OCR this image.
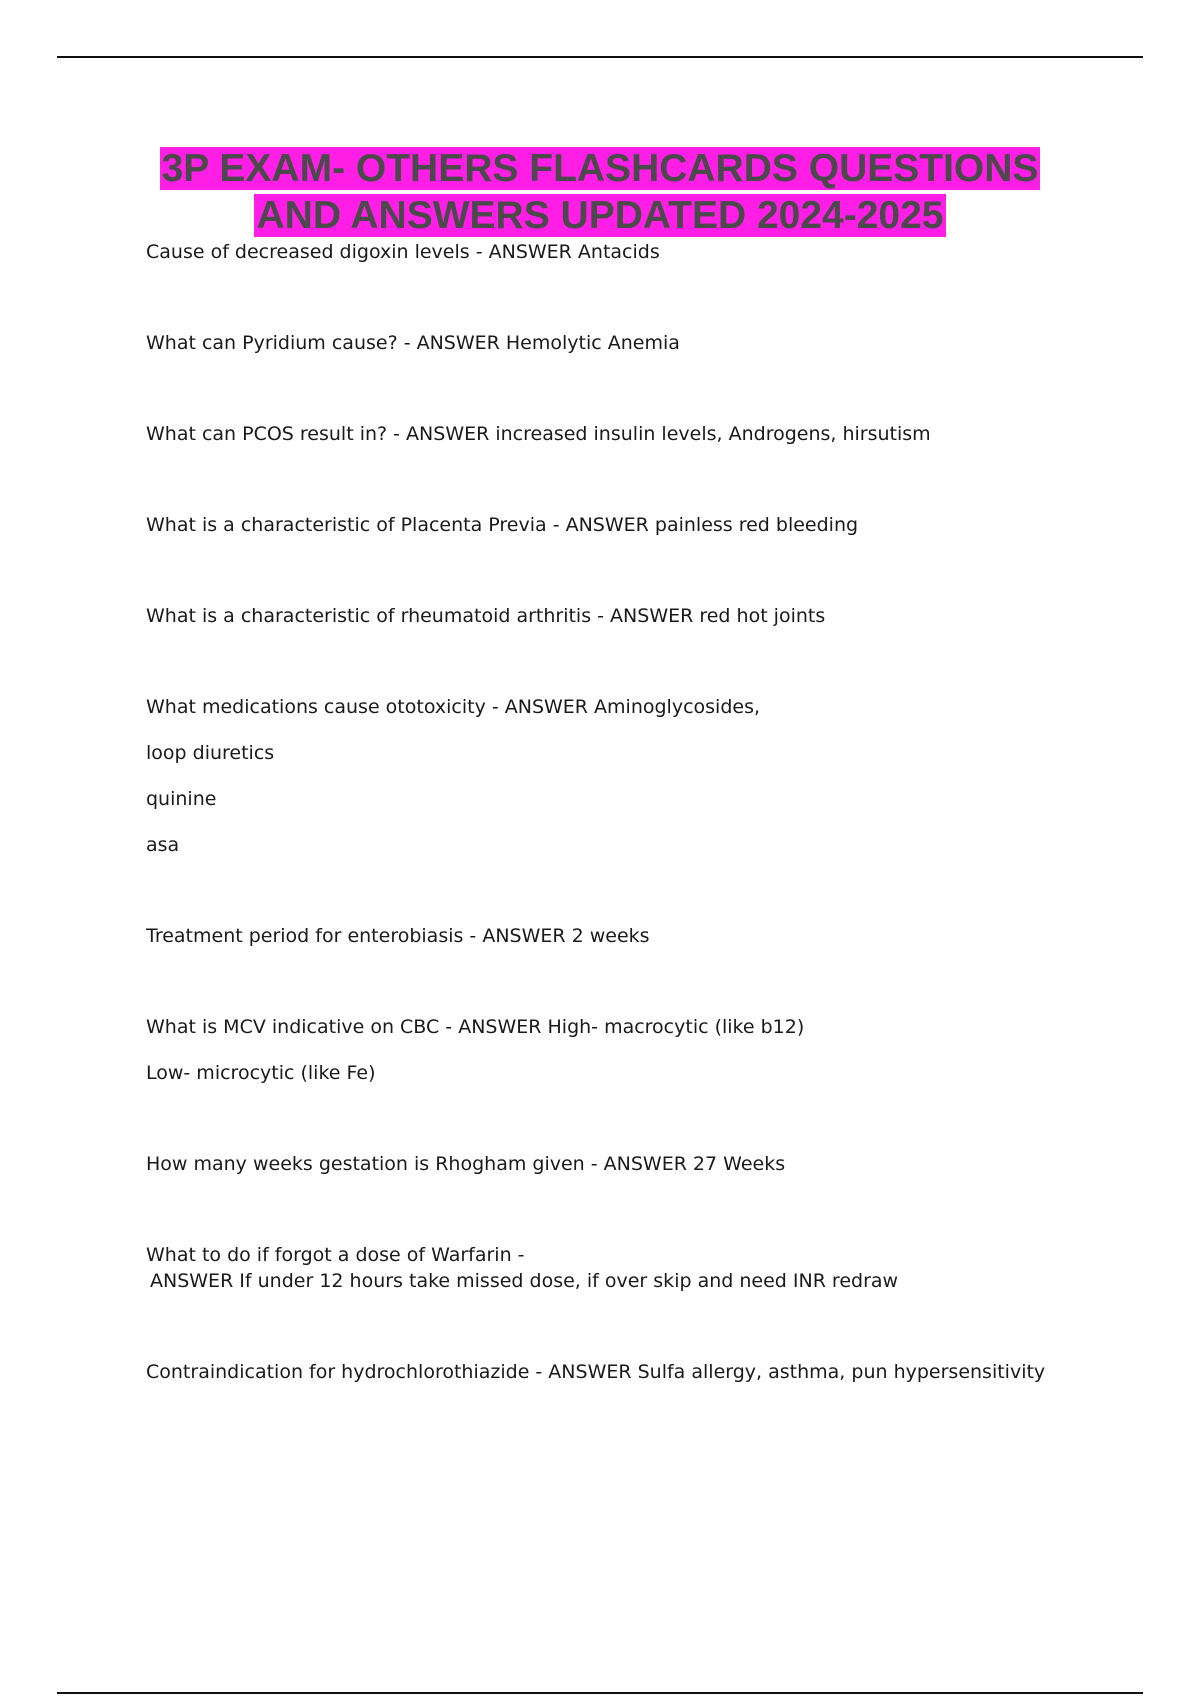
3P EXAM- OTHERS FLASHCARDS QUESTIONS
AND ANSWERS UPDATED 2024-2025

Cause of decreased digoxin levels - ANSWER Antacids

What can Pyridium cause? - ANSWER Hemolytic Anemia

What can PCOS result in? - ANSWER increased insulin levels, Androgens, hirsutism

What is a characteristic of Placenta Previa - ANSWER painless red bleeding

What is a characteristic of rheumatoid arthritis - ANSWER red hot joints

What medications cause ototoxicity - ANSWER Aminoglycosides,

loop diuretics

quinine

asa

Treatment period for enterobiasis - ANSWER 2 weeks

What is MCV indicative on CBC - ANSWER High- macrocytic (like b12)

Low- microcytic (like Fe)

How many weeks gestation is Rhogham given - ANSWER 27 Weeks

What to do if forgot a dose of Warfarin -

ANSWER If under 12 hours take missed dose, if over skip and need INR redraw

Contraindication for hydrochlorothiazide - ANSWER Sulfa allergy, asthma, pun hypersensitivity
